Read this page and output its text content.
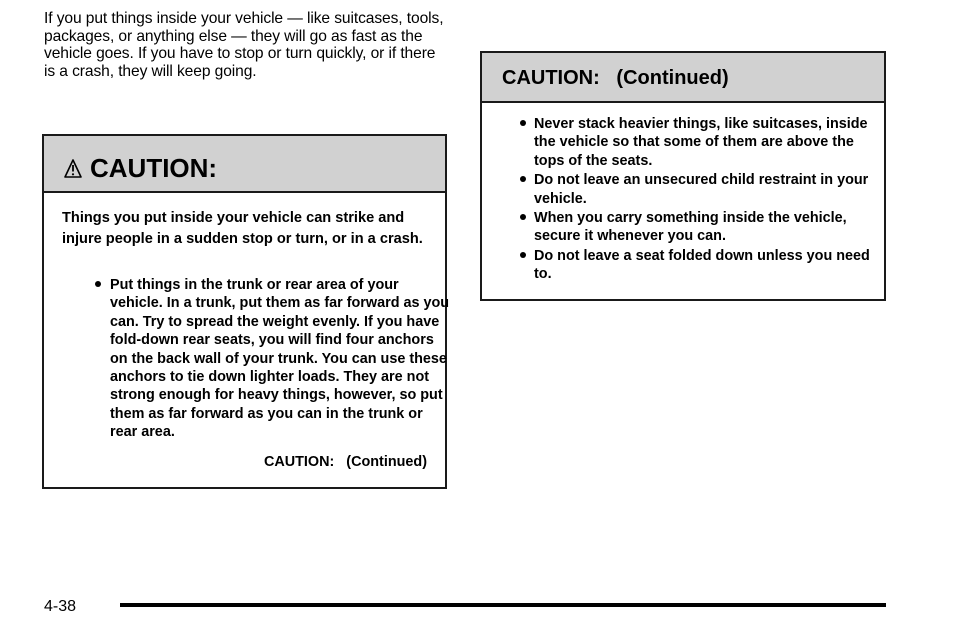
If you put things inside your vehicle — like suitcases, tools, packages, or anything else — they will go as fast as the vehicle goes. If you have to stop or turn quickly, or if there is a crash, they will keep going.

CAUTION:

Things you put inside your vehicle can strike and injure people in a sudden stop or turn, or in a crash.

Put things in the trunk or rear area of your vehicle. In a trunk, put them as far forward as you can. Try to spread the weight evenly. If you have fold-down rear seats, you will find four anchors on the back wall of your trunk. You can use these anchors to tie down lighter loads. They are not strong enough for heavy things, however, so put them as far forward as you can in the trunk or rear area.
CAUTION:   (Continued)
CAUTION:   (Continued)
Never stack heavier things, like suitcases, inside the vehicle so that some of them are above the tops of the seats.
Do not leave an unsecured child restraint in your vehicle.
When you carry something inside the vehicle, secure it whenever you can.
Do not leave a seat folded down unless you need to.
4-38
